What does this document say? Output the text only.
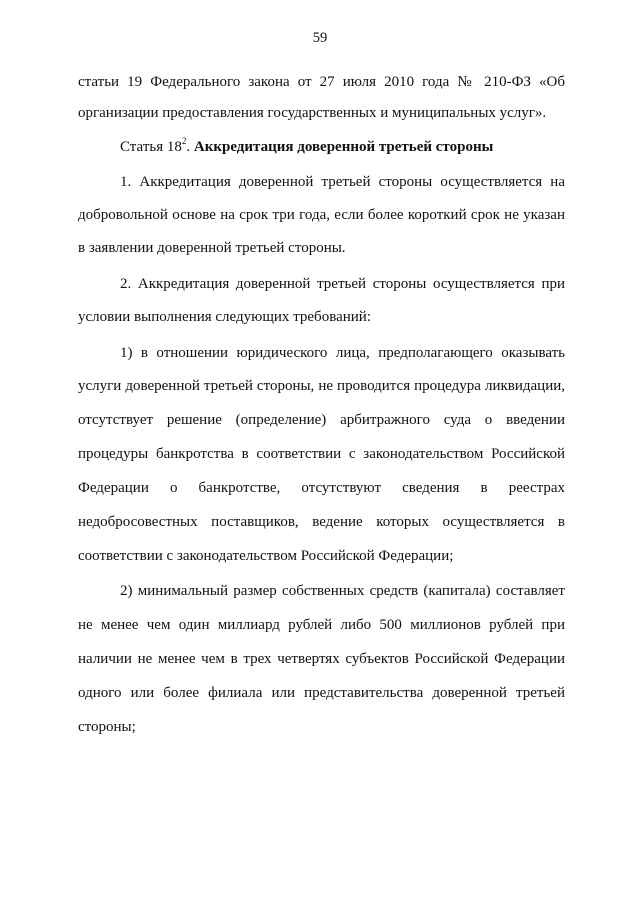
59
статьи 19 Федерального закона от 27 июля 2010 года № 210-ФЗ «Об
организации предоставления государственных и муниципальных услуг».
Статья $18^2$. Аккредитация доверенной третьей стороны
1. Аккредитация доверенной третьей стороны осуществляется на
добровольной основе на срок три года, если более короткий срок не указан
в заявлении доверенной третьей стороны.
2. Аккредитация доверенной третьей стороны осуществляется при
условии выполнения следующих требований:
1) в отношении юридического лица, предполагающего оказывать
услуги доверенной третьей стороны, не проводится процедура ликвидации,
отсутствует решение (определение) арбитражного суда о введении
процедуры банкротства в соответствии с законодательством Российской
Федерации о банкротстве, отсутствуют сведения в реестрах
недобросовестных поставщиков, ведение которых осуществляется в
соответствии с законодательством Российской Федерации;
2) минимальный размер собственных средств (капитала) составляет
не менее чем один миллиард рублей либо 500 миллионов рублей при
наличии не менее чем в трех четвертях субъектов Российской Федерации
одного или более филиала или представительства доверенной третьей
стороны;
